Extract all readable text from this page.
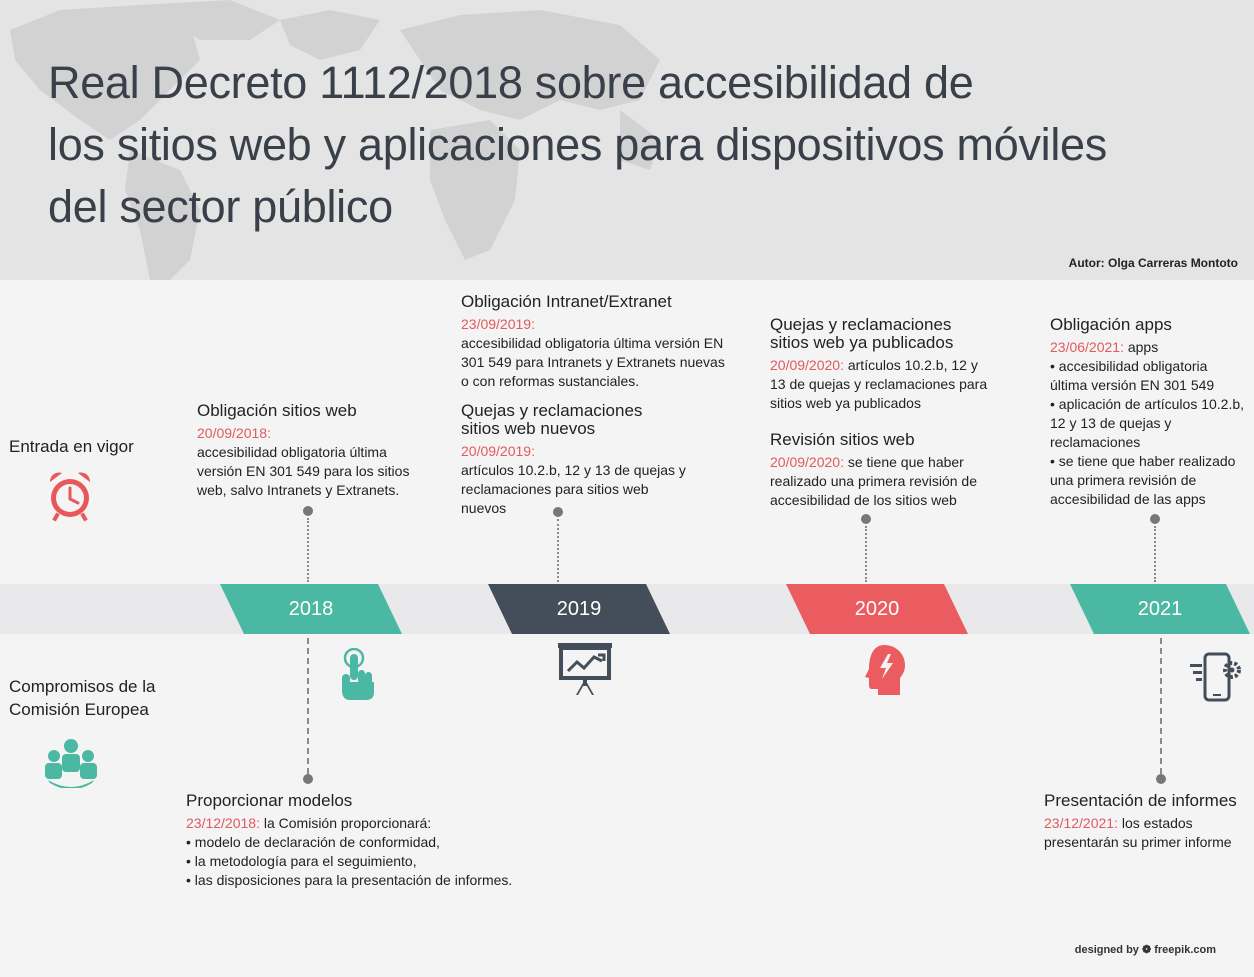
Real Decreto 1112/2018 sobre accesibilidad de
los sitios web y aplicaciones para dispositivos móviles
del sector público
Autor: Olga Carreras Montoto
Entrada en vigor
Compromisos de la
Comisión Europea
2018	2019	2020	2021
Obligación sitios web

20/09/2018:

accesibilidad obligatoria última

versión EN 301 549 para los sitios

web, salvo Intranets y Extranets.

Obligación Intranet/Extranet

23/09/2019:

accesibilidad obligatoria última versión EN

301 549 para Intranets y Extranets nuevas

o con reformas sustanciales.

Quejas y reclamaciones
sitios web nuevos

20/09/2019:

artículos 10.2.b, 12 y 13 de quejas y

reclamaciones para sitios web

nuevos

Quejas y reclamaciones
sitios web ya publicados

20/09/2020: artículos 10.2.b, 12 y

13 de quejas y reclamaciones para

sitios web ya publicados

Revisión sitios web

20/09/2020: se tiene que haber

realizado una primera revisión de

accesibilidad de los sitios web

Obligación apps

23/06/2021: apps

• accesibilidad obligatoria

última versión EN 301 549

• aplicación de artículos 10.2.b,

12 y 13 de quejas y

reclamaciones

• se tiene que haber realizado

una primera revisión de

accesibilidad de las apps

Proporcionar modelos

23/12/2018: la Comisión proporcionará:

• modelo de declaración de conformidad,

• la metodología para el seguimiento,

• las disposiciones para la presentación de informes.

Presentación de informes

23/12/2021: los estados

presentarán su primer informe

designed by ❁ freepik.com
